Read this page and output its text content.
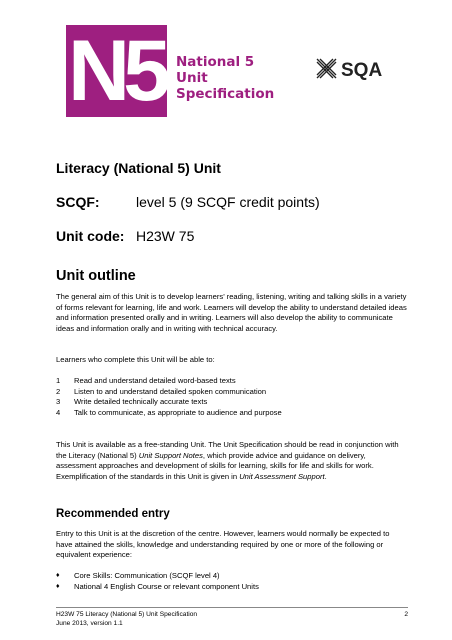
N5 National 5
Unit
Specification
SQA
Literacy (National 5) Unit
SCQF:	level 5 (9 SCQF credit points)
Unit code: H23W 75
Unit outline

The general aim of this Unit is to develop learners’ reading, listening, writing and talking skills in a variety of forms relevant for learning, life and work. Learners will develop the ability to understand detailed ideas and information presented orally and in writing. Learners will also develop the ability to communicate ideas and information orally and in writing with technical accuracy.

Learners who complete this Unit will be able to:

1	Read and understand detailed word-based texts
2	Listen to and understand detailed spoken communication
3	Write detailed technically accurate texts
4	Talk to communicate, as appropriate to audience and purpose

This Unit is available as a free-standing Unit. The Unit Specification should be read in conjunction with the Literacy (National 5) Unit Support Notes, which provide advice and guidance on delivery, assessment approaches and development of skills for learning, skills for life and skills for work. Exemplification of the standards in this Unit is given in Unit Assessment Support.

Recommended entry

Entry to this Unit is at the discretion of the centre. However, learners would normally be expected to have attained the skills, knowledge and understanding required by one or more of the following or equivalent experience:

♦	Core Skills: Communication (SCQF level 4)
♦	National 4 English Course or relevant component Units
H23W 75 Literacy (National 5) Unit Specification
June 2013, version 1.1
2
